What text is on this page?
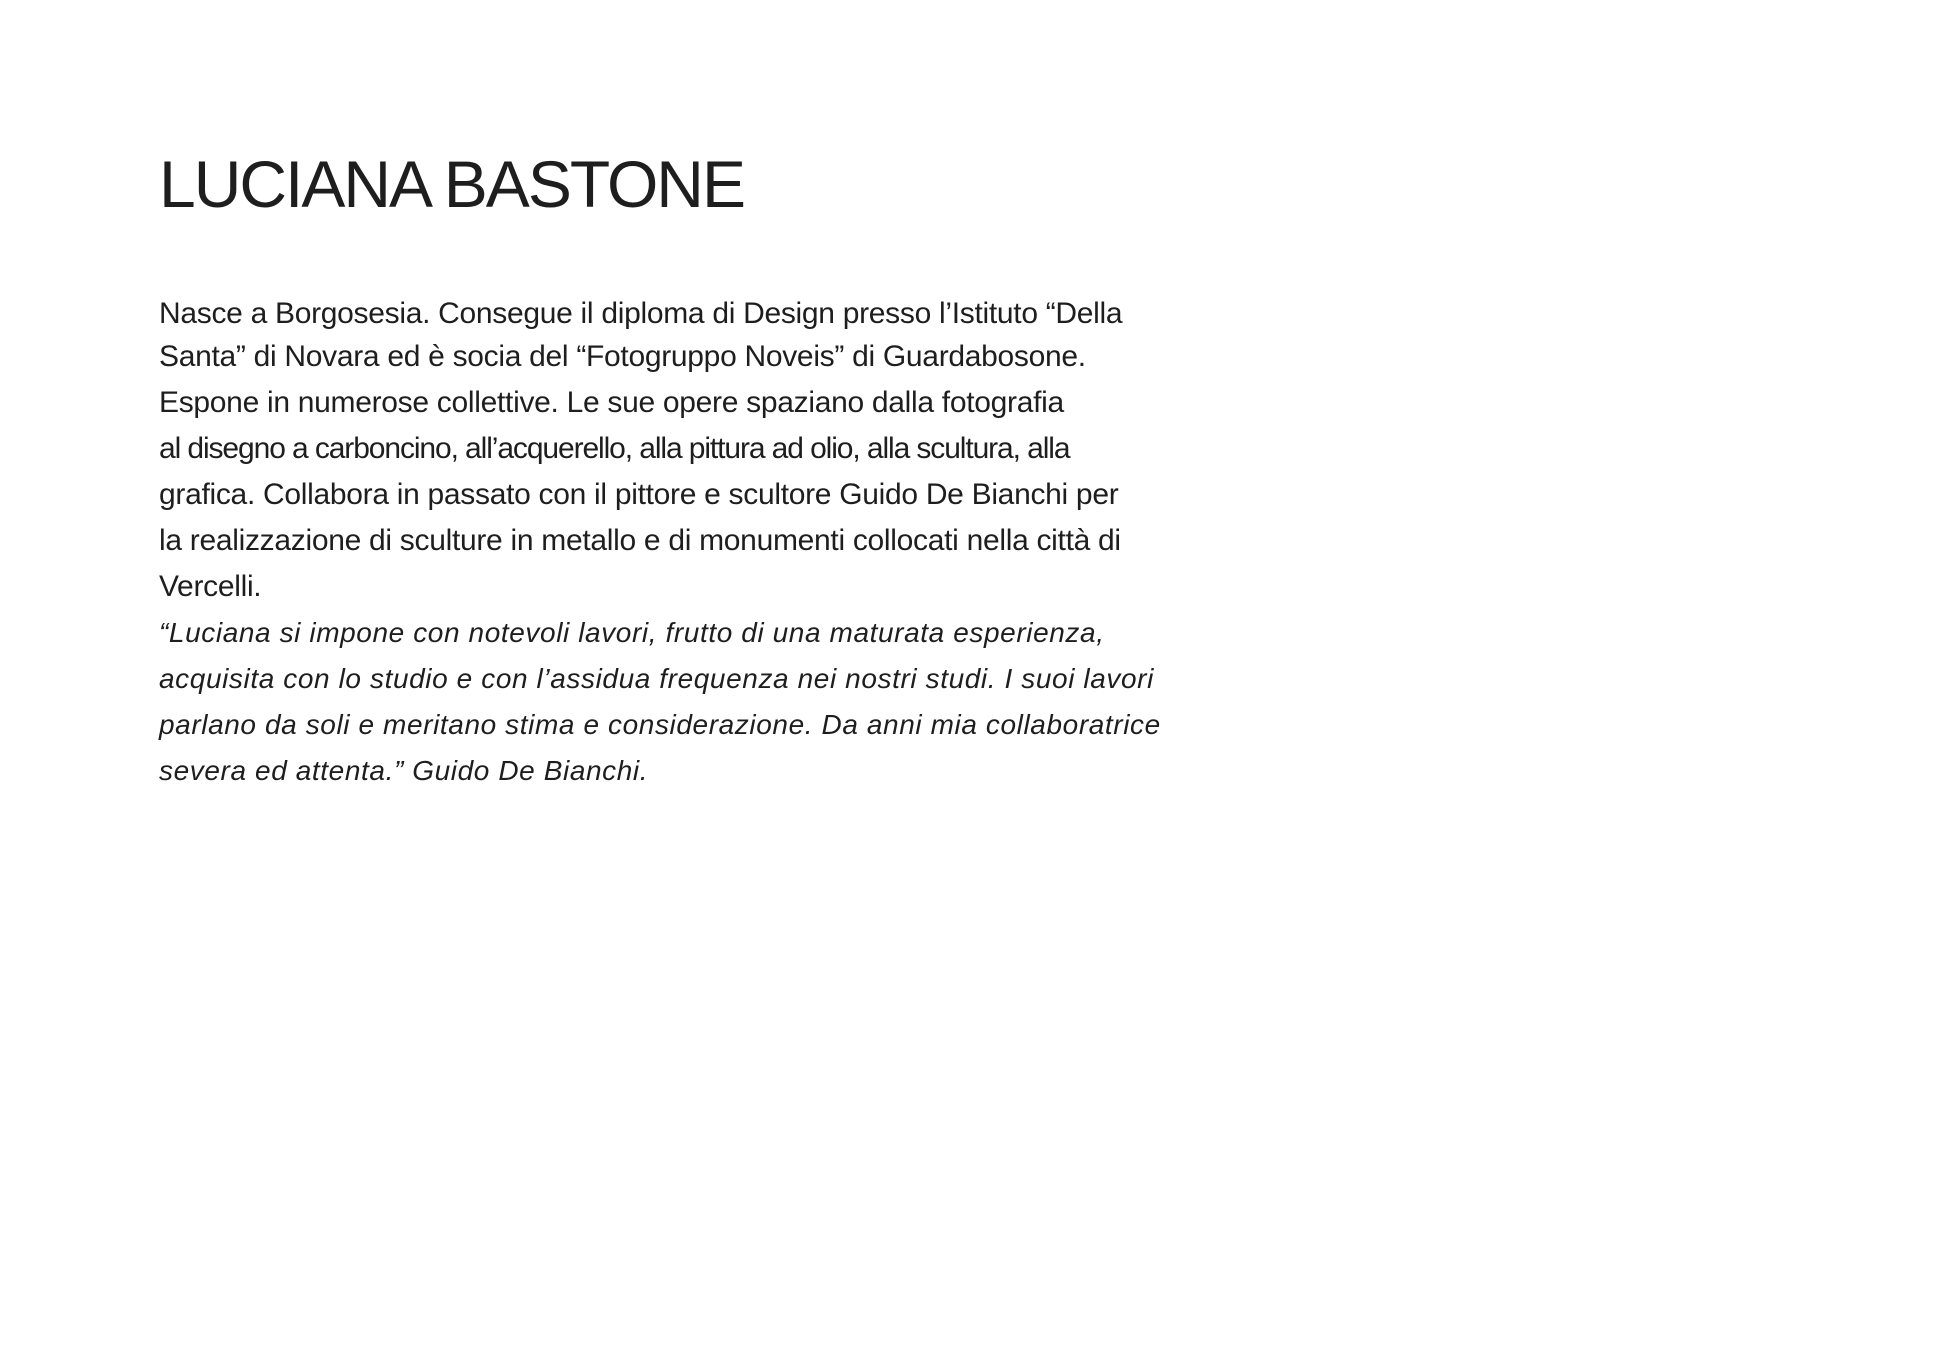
LUCIANA BASTONE
Nasce a Borgosesia. Consegue il diploma di Design presso l’Istituto “Della
Santa” di Novara ed è socia del “Fotogruppo Noveis” di Guardabosone.
Espone in numerose collettive. Le sue opere spaziano dalla fotografia
al disegno a carboncino, all’acquerello, alla pittura ad olio, alla scultura, alla
grafica. Collabora in passato con il pittore e scultore Guido De Bianchi per
la realizzazione di sculture in metallo e di monumenti collocati nella città di
Vercelli.
“Luciana si impone con notevoli lavori, frutto di una maturata esperienza,
acquisita con lo studio e con l’assidua frequenza nei nostri studi. I suoi lavori
parlano da soli e meritano stima e considerazione. Da anni mia collaboratrice
severa ed attenta.” Guido De Bianchi.
